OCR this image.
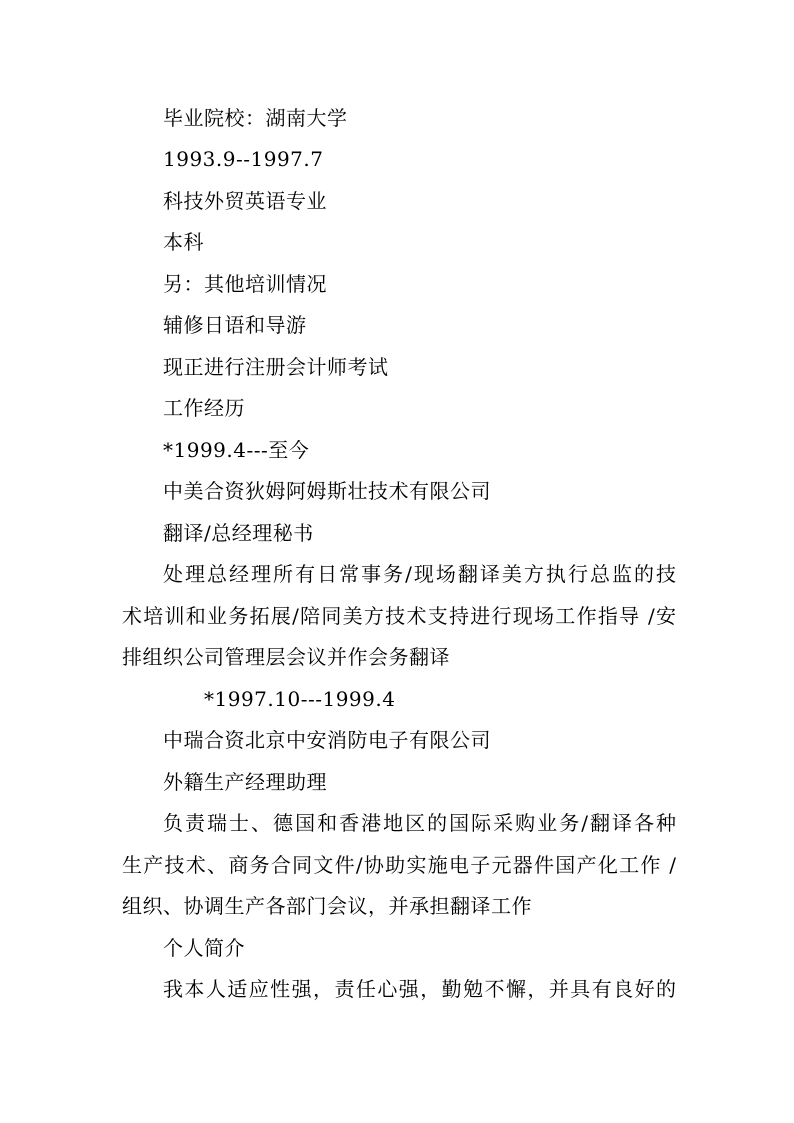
毕业院校：湖南大学
1993.9--1997.7
科技外贸英语专业
本科
另：其他培训情况
辅修日语和导游
现正进行注册会计师考试
工作经历
*1999.4---至今
中美合资狄姆阿姆斯壮技术有限公司
翻译/总经理秘书
处理总经理所有日常事务/现场翻译美方执行总监的技
术培训和业务拓展/陪同美方技术支持进行现场工作指导 /安
排组织公司管理层会议并作会务翻译
*1997.10---1999.4
中瑞合资北京中安消防电子有限公司
外籍生产经理助理
负责瑞士、德国和香港地区的国际采购业务/翻译各种
生产技术、商务合同文件/协助实施电子元器件国产化工作 /
组织、协调生产各部门会议，并承担翻译工作
个人简介
我本人适应性强，责任心强，勤勉不懈，并具有良好的
